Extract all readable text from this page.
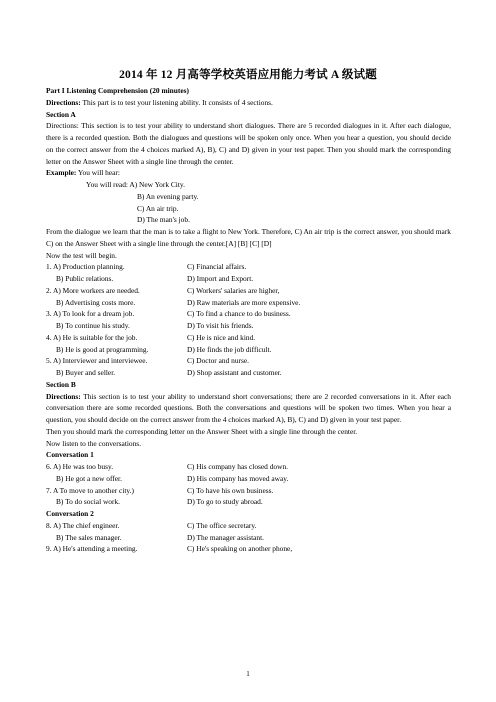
2014 年 12 月高等学校英语应用能力考试 A 级试题

Part I Listening Comprehension (20 minutes)

Directions: This part is to test your listening ability. It consists of 4 sections.

Section A

Directions: This section is to test your ability to understand short dialogues. There are 5 recorded dialogues in it. After each dialogue, there is a recorded question. Both the dialogues and questions will be spoken only once. When you hear a question, you should decide on the correct answer from the 4 choices marked A), B), C) and D) given in your test paper. Then you should mark the corresponding letter on the Answer Sheet with a single line through the center.

Example: You will hear:

You will read: A) New York City.

B) An evening party.

C) An air trip.

D) The man's job.

From the dialogue we learn that the man is to take a flight to New York. Therefore, C) An air trip is the correct answer, you should mark C) on the Answer Sheet with a single line through the center.[A] [B] [C] [D]

Now the test will begin.

1. A) Production planning.	C) Financial affairs.
B) Public relations.	D) Import and Export.
2. A) More workers are needed.	C) Workers' salaries are higher,
B) Advertising costs more.	D) Raw materials are more expensive.
3. A) To look for a dream job.	C) To find a chance to do business.
B) To continue his study.	D) To visit his friends.
4. A) He is suitable for the job.	C) He is nice and kind.
B) He is good at programming.	D) He finds the job difficult.
5. A) Interviewer and interviewee.	C) Doctor and nurse.
B) Buyer and seller.	D) Shop assistant and customer.

Section B

Directions: This section is to test your ability to understand short conversations; there are 2 recorded conversations in it. After each conversation there are some recorded questions. Both the conversations and questions will be spoken two times. When you hear a question, you should decide on the correct answer from the 4 choices marked A), B), C) and D) given in your test paper.

Then you should mark the corresponding letter on the Answer Sheet with a single line through the center.

Now listen to the conversations.

Conversation 1

6. A) He was too busy.	C) His company has closed down.
B) He got a new offer.	D) His company has moved away.
7. A To move to another city.)	C) To have his own business.
B) To do social work.	D) To go to study abroad.

Conversation 2

8. A) The chief engineer.	C) The office secretary.
B) The sales manager.	D) The manager assistant.
9. A) He's attending a meeting.	C) He's speaking on another phone,
1
